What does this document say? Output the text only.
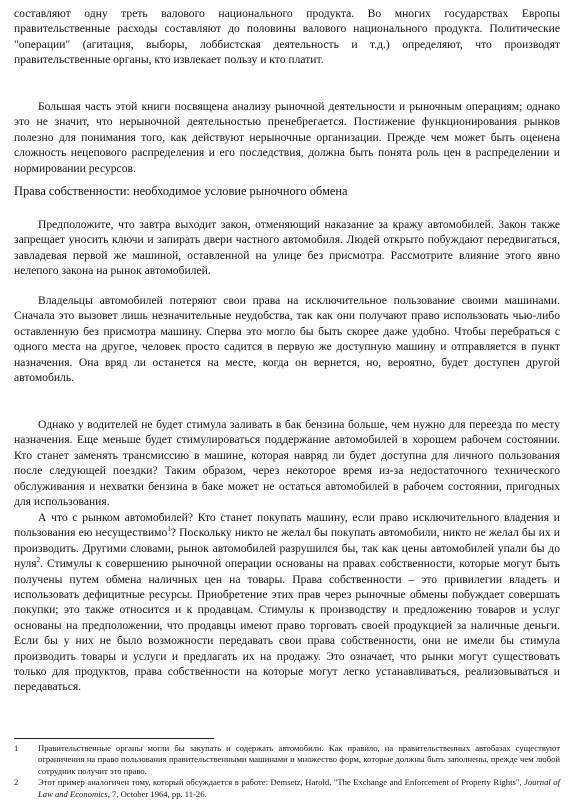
составляют одну треть валового национального продукта. Во многих государствах Европы правительственные расходы составляют до половины валового национального продукта. Политические "операции" (агитация, выборы, лоббистская деятельность и т.д.) определяют, что производят правительственные органы, кто извлекает пользу и кто платит.

Большая часть этой книги посвящена анализу рыночной деятельности и рыночным операциям; однако это не значит, что нерыночной деятельностью пренебрегается. Постижение функционирования рынков полезно для понимания того, как действуют нерыночные организации. Прежде чем может быть оценена сложность нецепового распределения и его последствия, должна быть понята роль цен в распределении и нормировании ресурсов.

Права собственности: необходимое условие рыночного обмена

Предположите, что завтра выходит закон, отменяющий наказание за кражу автомобилей. Закон также запрещает уносить ключи и запирать двери частного автомобиля. Людей открыто побуждают передвигаться, завладевая первой же машиной, оставленной на улице без присмотра. Рассмотрите влияние этого явно нелепого закона на рынок автомобилей.

Владельцы автомобилей потеряют свои права на исключительное пользование своими машинами. Сначала это вызовет лишь незначительные неудобства, так как они получают право использовать чью-либо оставленную без присмотра машину. Сперва это могло бы быть скорее даже удобно. Чтобы перебраться с одного места на другое, человек просто садится в первую же доступную машину и отправляется в пункт назначения. Она вряд ли останется на месте, когда он вернется, но, вероятно, будет доступен другой автомобиль.

Однако у водителей не будет стимула заливать в бак бензина больше, чем нужно для переезда по месту назначения. Еще меньше будет стимулироваться поддержание автомобилей в хорошем рабочем состоянии. Кто станет заменять трансмиссию в машине, которая навряд ли будет доступна для личного пользования после следующей поездки? Таким образом, через некоторое время из-за недостаточного технического обслуживания и нехватки бензина в баке может не остаться автомобилей в рабочем состоянии, пригодных для использования.

А что с рынком автомобилей? Кто станет покупать машину, если право исключительного владения и пользования ею несуществимо$^1$? Поскольку никто не желал бы покупать автомобили, никто не желал бы их и производить. Другими словами, рынок автомобилей разрушился бы, так как цены автомобилей упали бы до нуля$^2$. Стимулы к совершению рыночной операции основаны на правах собственности, которые могут быть получены путем обмена наличных цен на товары. Права собственности – это привилегии владеть и использовать дефицитные ресурсы. Приобретение этих прав через рыночные обмены побуждает совершать покупки; это также относится и к продавцам. Стимулы к производству и предложению товаров и услуг основаны на предположении, что продавцы имеют право торговать своей продукцией за наличные деньги. Если бы у них не было возможности передавать свои права собственности, они не имели бы стимула производить товары и услуги и предлагать их на продажу. Это означает, что рынки могут существовать только для продуктов, права собственности на которые могут легко устанавливаться, реализовываться и передаваться.

1	Правительственные органы могли бы закупать и содержать автомобили. Как правило, на правительственных автобазах существуют ограничения на право пользования правительственными машинами и множество форм, которые должны быть заполнены, прежде чем любой сотрудник получит это право.
2	Этот пример аналогичен тому, который обсуждается в работе: Demsetz, Harold, "The Exchange and Enforcement of Property Rights", Journal of Law and Economics, 7, October 1964, pp. 11-26.
